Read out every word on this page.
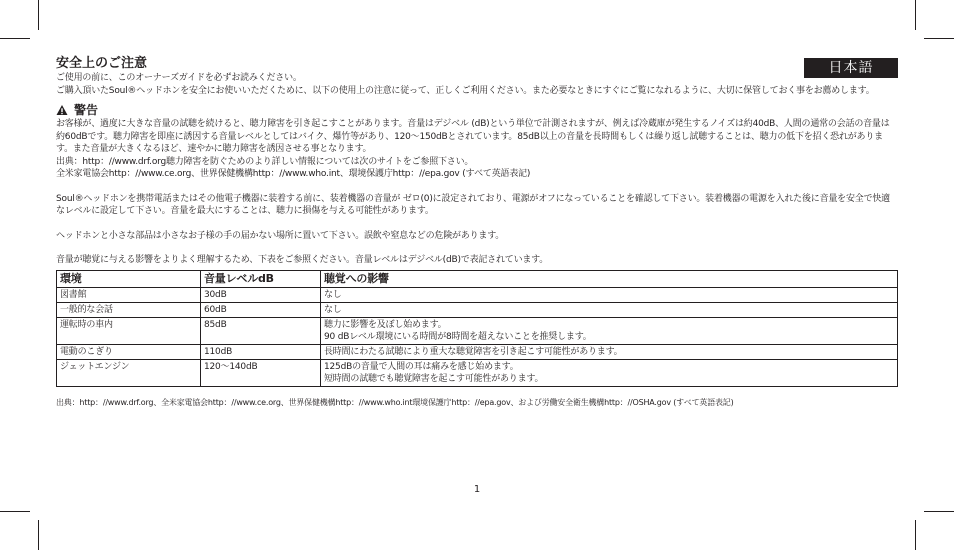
日本語
安全上のご注意

ご使用の前に、このオーナーズガイドを必ずお読みください。

ご購入頂いたSoul®ヘッドホンを安全にお使いいただくために、以下の使用上の注意に従って、正しくご利用ください。また必要なときにすぐにご覧になれるように、大切に保管しておく事をお薦めします。

警告

お客様が、過度に大きな音量の試聴を続けると、聴力障害を引き起こすことがあります。音量はデジベル (dB)という単位で計測されますが、例えば冷蔵庫が発生するノイズは約40dB、人間の通常の会話の音量は約60dBです。聴力障害を即座に誘因する音量レベルとしてはバイク、爆竹等があり、120〜150dBとされています。85dB以上の音量を長時間もしくは繰り返し試聴することは、聴力の低下を招く恐れがあります。また音量が大きくなるほど、速やかに聴力障害を誘因させる事となります。

出典：http：//www.drf.org聴力障害を防ぐためのより詳しい情報については次のサイトをご参照下さい。

全米家電協会http：//www.ce.org、世界保健機構http：//www.who.int、環境保護庁http：//epa.gov (すべて英語表記)

Soul®ヘッドホンを携帯電話またはその他電子機器に装着する前に、装着機器の音量が ゼロ(0)に設定されており、電源がオフになっていることを確認して下さい。装着機器の電源を入れた後に音量を安全で快適なレベルに設定して下さい。音量を最大にすることは、聴力に損傷を与える可能性があります。

ヘッドホンと小さな部品は小さなお子様の手の届かない場所に置いて下さい。誤飲や窒息などの危険があります。

音量が聴覚に与える影響をよりよく理解するため、下表をご参照ください。音量レベルはデジベル(dB)で表記されています。

環境	音量レベルdB	聴覚への影響
図書館	30dB	なし

一般的な会話	60dB	なし

運転時の車内	85dB	聴力に影響を及ぼし始めます。
90 dBレベル環境にいる時間が8時間を超えないことを推奨します。

電動のこぎり	110dB	長時間にわたる試聴により重大な聴覚障害を引き起こす可能性があります。

ジェットエンジン	120〜140dB	125dBの音量で人間の耳は痛みを感じ始めます。
短時間の試聴でも聴覚障害を起こす可能性があります。
出典：http：//www.drf.org、全米家電協会http：//www.ce.org、世界保健機構http：//www.who.int環境保護庁http：//epa.gov、および労働安全衛生機構http：//OSHA.gov (すべて英語表記)
1
